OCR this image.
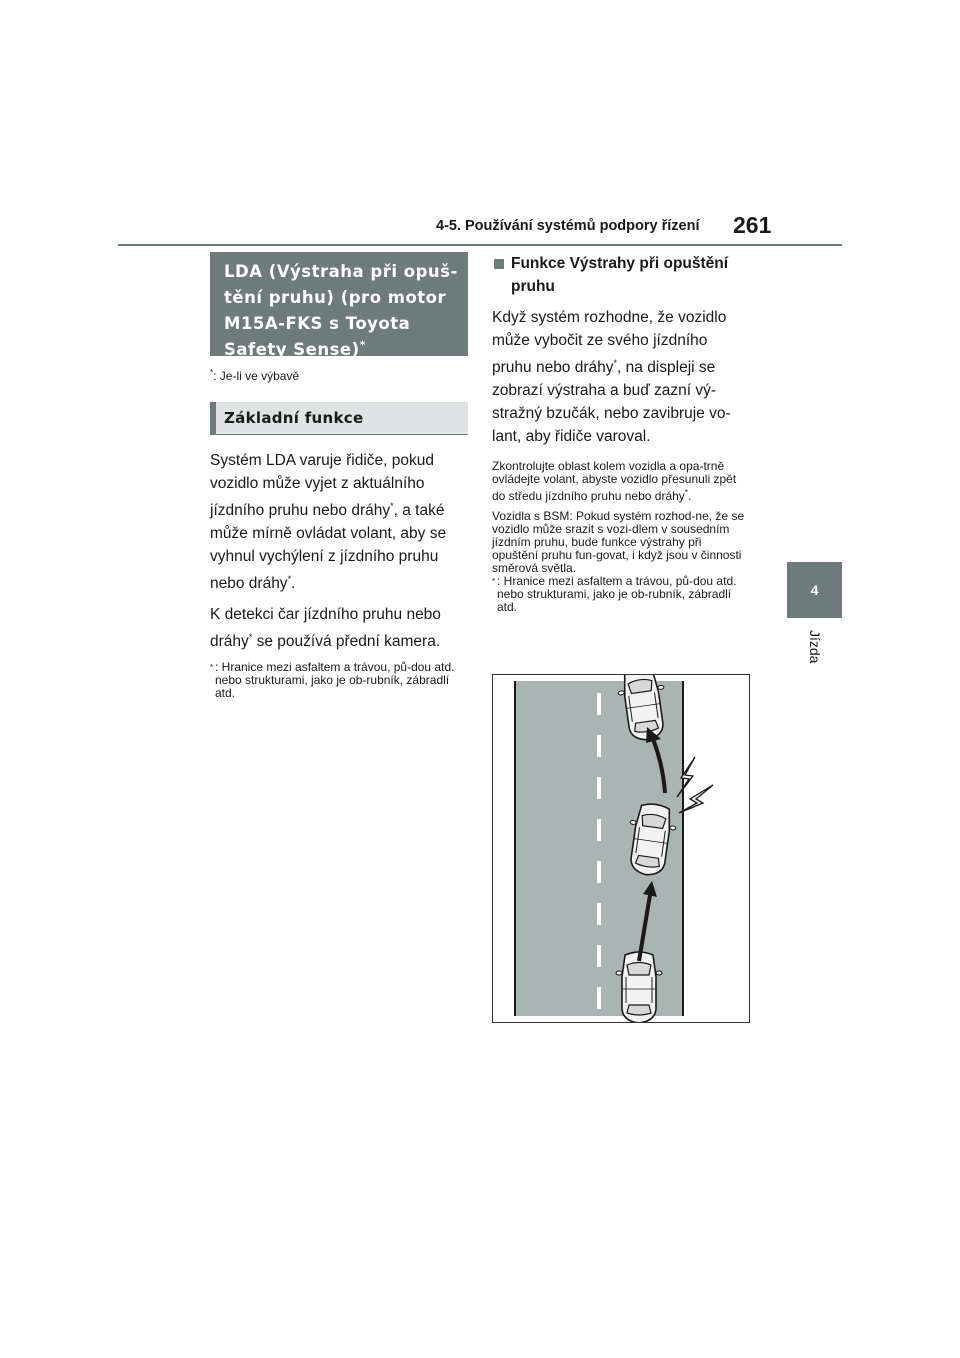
4-5. Používání systémů podpory řízení 261
4
Jízda
LDA (Výstraha při opuš-
tění pruhu) (pro motor
M15A-FKS s Toyota
Safety Sense)*
*: Je-li ve výbavě
Základní funkce

Systém LDA varuje řidiče, pokud vozidlo může vyjet z aktuálního jízdního pruhu nebo dráhy*, a také může mírně ovládat volant, aby se vyhnul vychýlení z jízdního pruhu nebo dráhy*.

K detekci čar jízdního pruhu nebo dráhy* se používá přední kamera.

* : Hranice mezi asfaltem a trávou, pů-dou atd. nebo strukturami, jako je ob-rubník, zábradlí atd.
Funkce Výstrahy při opuštění pruhu

Když systém rozhodne, že vozidlo může vybočit ze svého jízdního pruhu nebo dráhy*, na displeji se zobrazí výstraha a buď zazní vý-stražný bzučák, nebo zavibruje vo-lant, aby řidiče varoval.

Zkontrolujte oblast kolem vozidla a opa-trně ovládejte volant, abyste vozidlo přesunuli zpět do středu jízdního pruhu nebo dráhy*.

Vozidla s BSM: Pokud systém rozhod-ne, že se vozidlo může srazit s vozi-dlem v sousedním jízdním pruhu, bude funkce výstrahy při opuštění pruhu fun-govat, i když jsou v činnosti směrová světla.

* : Hranice mezi asfaltem a trávou, pů-dou atd. nebo strukturami, jako je ob-rubník, zábradlí atd.
